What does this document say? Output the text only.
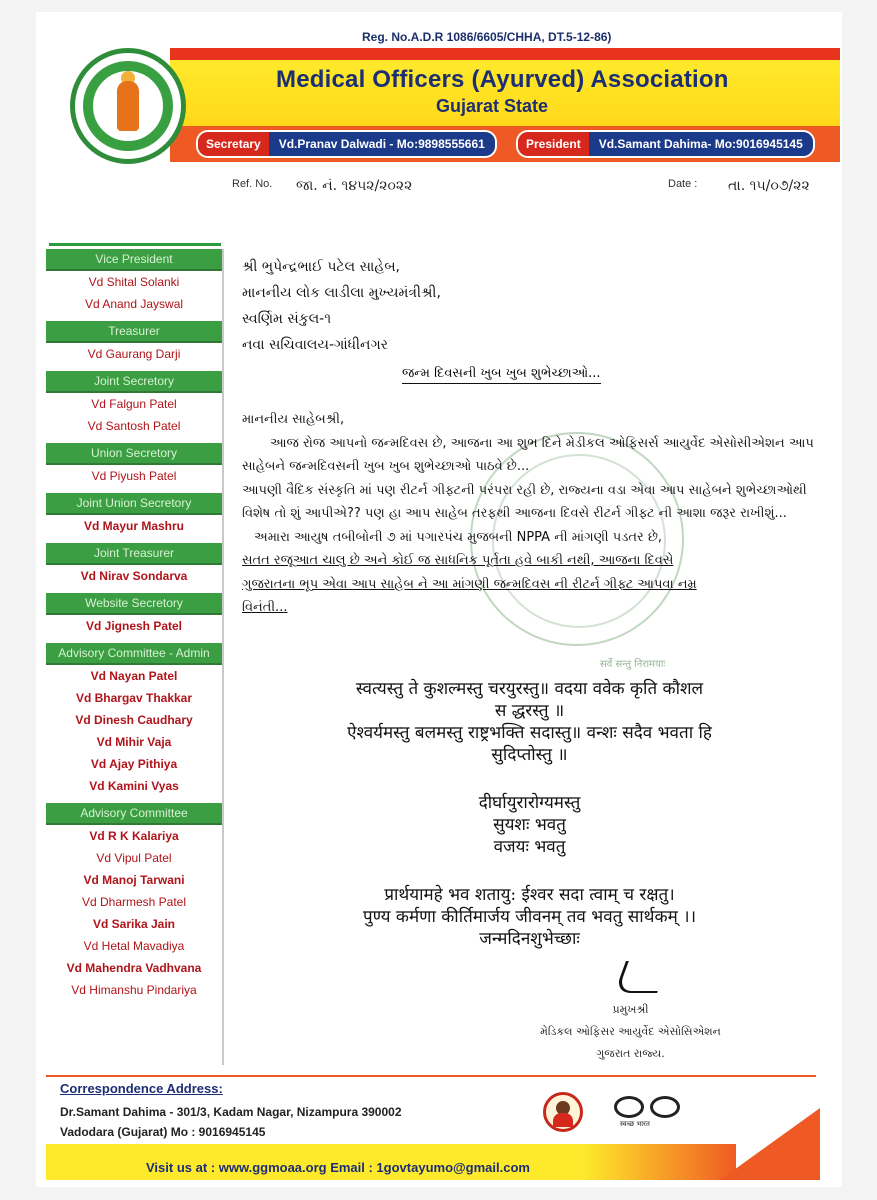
Reg. No.A.D.R 1086/6605/CHHA, DT.5-12-86)
Medical Officers (Ayurved) Association
Gujarat State
Secretary	Vd.Pranav Dalwadi - Mo:9898555661	President	Vd.Samant Dahima- Mo:9016945145
Ref. No. જા. નં. ૧૪૫૨/૨૦૨૨	Date : તા. ૧૫/૦૭/૨૨
Vice President
Vd Shital Solanki
Vd Anand Jayswal
Treasurer
Vd Gaurang Darji
Joint Secretory
Vd Falgun Patel
Vd Santosh Patel
Union Secretory
Vd Piyush Patel
Joint Union Secretory
Vd Mayur Mashru
Joint Treasurer
Vd Nirav Sondarva
Website Secretory
Vd Jignesh Patel
Advisory Committee - Admin
Vd Nayan Patel
Vd Bhargav Thakkar
Vd Dinesh Caudhary
Vd Mihir Vaja
Vd Ajay Pithiya
Vd Kamini Vyas
Advisory Committee
Vd R K Kalariya
Vd Vipul Patel
Vd Manoj Tarwani
Vd Dharmesh Patel
Vd Sarika Jain
Vd Hetal Mavadiya
Vd Mahendra Vadhvana
Vd Himanshu Pindariya
सर्वे सन्तु निरामयाः

શ્રી ભુપેન્દ્રભાઈ પટેલ સાહેબ,

માનનીય લોક લાડીલા મુખ્યમંત્રીશ્રી,

સ્વર્ણિમ સંકુલ-૧

નવા સચિવાલય-ગાંધીનગર

જન્મ દિવસની ખુબ ખુબ શુભેચ્છાઓ...

માનનીય સાહેબશ્રી,

આજ રોજ આપનો જન્મદિવસ છે, આજના આ શુભ દિને મેડીકલ ઓફિસર્સ આયુર્વેદ એસોસીએશન આપ સાહેબને જન્મદિવસની ખુબ ખુબ શુભેચ્છાઓ પાઠવે છે...

આપણી વૈદિક સંસ્કૃતિ માં પણ રીટર્ન ગીફ્ટની પરંપરા રહી છે, રાજ્યના વડા એવા આપ સાહેબને શુભેચ્છાઓથી વિશેષ તો શું આપીએ?? પણ હા આપ સાહેબ તરફથી આજના દિવસે રીટર્ન ગીફ્ટ ની આશા જરૂર રાખીશું...

અમારા આયુષ તબીબોની ૭ માં પગારપંચ મુજબની NPPA ની માંગણી પડતર છે,

સતત રજૂઆત ચાલુ છે અને કોઈ જ સાધનિક પૂર્તતા હવે બાકી નથી, આજના દિવસે

ગુજરાતના ભૂપ એવા આપ સાહેબ ને આ માંગણી જન્મદિવસ ની રીટર્ન ગીફ્ટ આપવા નમ્ર

વિનંતી...

स्वत्यस्तु ते कुशल्मस्तु चरयुरस्तु॥ वदया ववेक कृति कौशल

स द्धरस्तु ॥

ऐश्वर्यमस्तु बलमस्तु राष्ट्रभक्ति सदास्तु॥ वन्शः सदैव भवता हि

सुदिप्तोस्तु ॥

दीर्घायुरारोग्यमस्तु

सुयशः भवतु

वजयः भवतु

प्रार्थयामहे भव शतायु: ईश्वर सदा त्वाम् च रक्षतु।

पुण्य कर्मणा कीर्तिमार्जय जीवनम् तव भवतु सार्थकम् ।।

जन्मदिनशुभेच्छाः

પ્રમુખશ્રી

મેડિકલ ઓફિસર આયુર્વેદ એસોસિએશન

ગુજરાત રાજ્ય.

Correspondence Address:

Dr.Samant Dahima - 301/3, Kadam Nagar, Nizampura 390002

Vadodara (Gujarat) Mo : 9016945145

स्वच्छ भारत
Visit us at : www.ggmoaa.org Email : 1govtayumo@gmail.com
